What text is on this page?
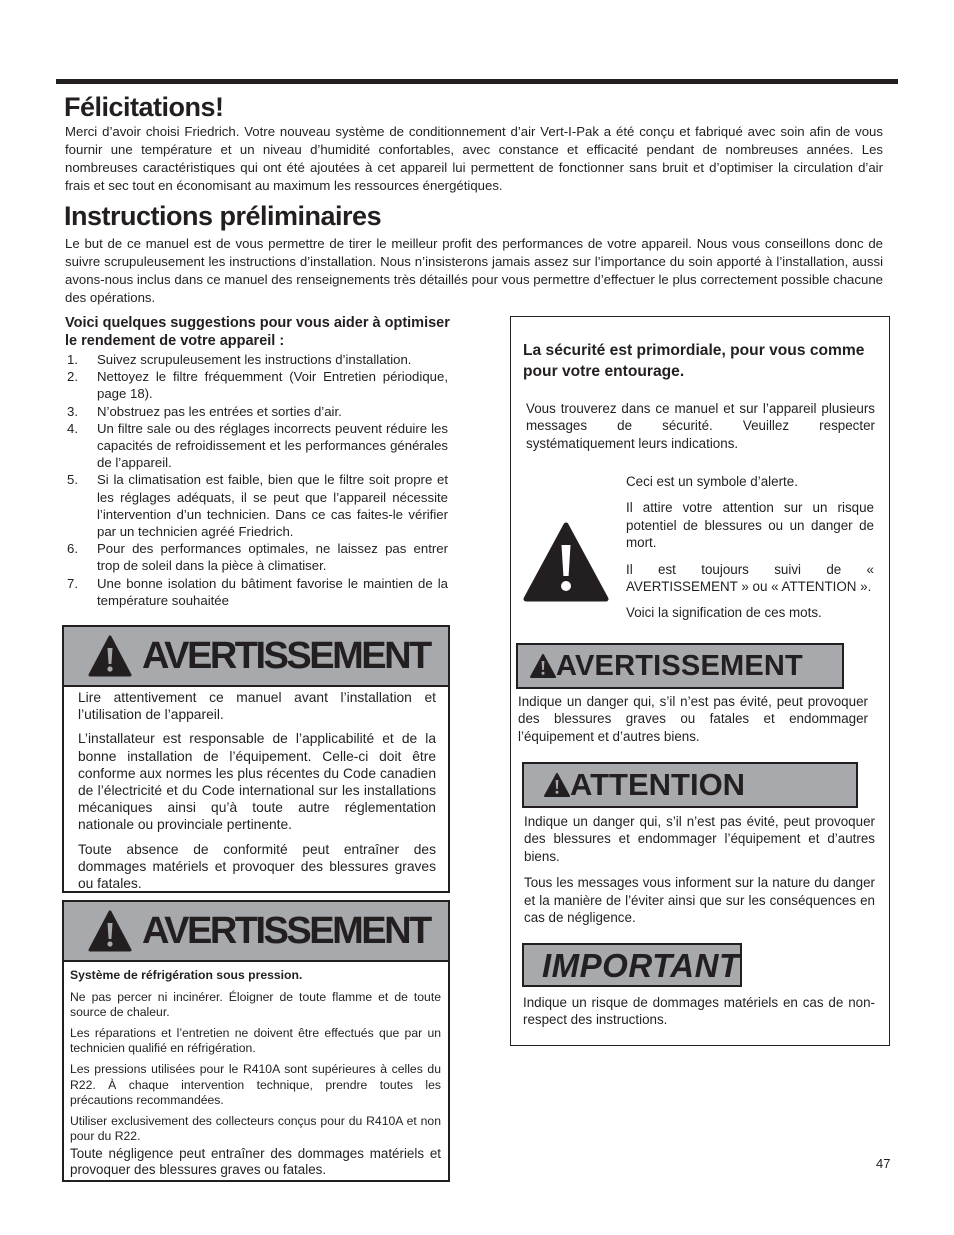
Félicitations!

Merci d’avoir choisi Friedrich. Votre nouveau système de conditionnement d’air Vert-I-Pak a été conçu et fabriqué avec soin afin de vous fournir une température et un niveau d’humidité confortables, avec constance et efficacité pendant de nombreuses années. Les nombreuses caractéristiques qui ont été ajoutées à cet appareil lui permettent de fonctionner sans bruit et d’optimiser la circulation d’air frais et sec tout en économisant au maximum les ressources énergétiques.

Instructions préliminaires

Le but de ce manuel est de vous permettre de tirer le meilleur profit des performances de votre appareil. Nous vous conseillons donc de suivre scrupuleusement les instructions d’installation. Nous n’insisterons jamais assez sur l’importance du soin apporté à l’installation, aussi avons-nous inclus dans ce manuel des renseignements très détaillés pour vous permettre d’effectuer le plus correctement possible chacune des opérations.

Voici quelques suggestions pour vous aider à optimiser le rendement de votre appareil :
1. Suivez scrupuleusement les instructions d’installation.
2. Nettoyez le filtre fréquemment (Voir Entretien périodique, page 18).
3. N’obstruez pas les entrées et sorties d’air.
4. Un filtre sale ou des réglages incorrects peuvent réduire les capacités de refroidissement et les performances générales de l’appareil.
5. Si la climatisation est faible, bien que le filtre soit propre et les réglages adéquats, il se peut que l’appareil nécessite l’intervention d’un technicien. Dans ce cas faites-le vérifier par un technicien agréé Friedrich.
6. Pour des performances optimales, ne laissez pas entrer trop de soleil dans la pièce à climatiser.
7. Une bonne isolation du bâtiment favorise le maintien de la température souhaitée
AVERTISSEMENT

Lire attentivement ce manuel avant l’installation et l’utilisation de l’appareil.

L’installateur est responsable de l’applicabilité et de la bonne installation de l’équipement. Celle-ci doit être conforme aux normes les plus récentes du Code canadien de l’électricité et du Code international sur les installations mécaniques ainsi qu’à toute autre réglementation nationale ou provinciale pertinente.

Toute absence de conformité peut entraîner des dommages matériels et provoquer des blessures graves ou fatales.

AVERTISSEMENT

Système de réfrigération sous pression.

Ne pas percer ni incinérer. Éloigner de toute flamme et de toute source de chaleur.

Les réparations et l’entretien ne doivent être effectués que par un technicien qualifié en réfrigération.

Les pressions utilisées pour le R410A sont supérieures à celles du R22. À chaque intervention technique, prendre toutes les précautions recommandées.

Utiliser exclusivement des collecteurs conçus pour du R410A et non pour du R22.

Toute négligence peut entraîner des dommages matériels et provoquer des blessures graves ou fatales.

La sécurité est primordiale, pour vous comme pour votre entourage.

Vous trouverez dans ce manuel et sur l’appareil plusieurs messages de sécurité. Veuillez respecter systématiquement leurs indications.

Ceci est un symbole d’alerte.

Il attire votre attention sur un risque potentiel de blessures ou un danger de mort.

Il est toujours suivi de « AVERTISSEMENT » ou « ATTENTION ».

Voici la signification de ces mots.

AVERTISSEMENT

Indique un danger qui, s’il n’est pas évité, peut provoquer des blessures graves ou fatales et endommager l’équipement et d’autres biens.

ATTENTION

Indique un danger qui, s’il n’est pas évité, peut provoquer des blessures et endommager l’équipement et d’autres biens.

Tous les messages vous informent sur la nature du danger et la manière de l’éviter ainsi que sur les conséquences en cas de négligence.

IMPORTANT

Indique un risque de dommages matériels en cas de non-respect des instructions.

47
